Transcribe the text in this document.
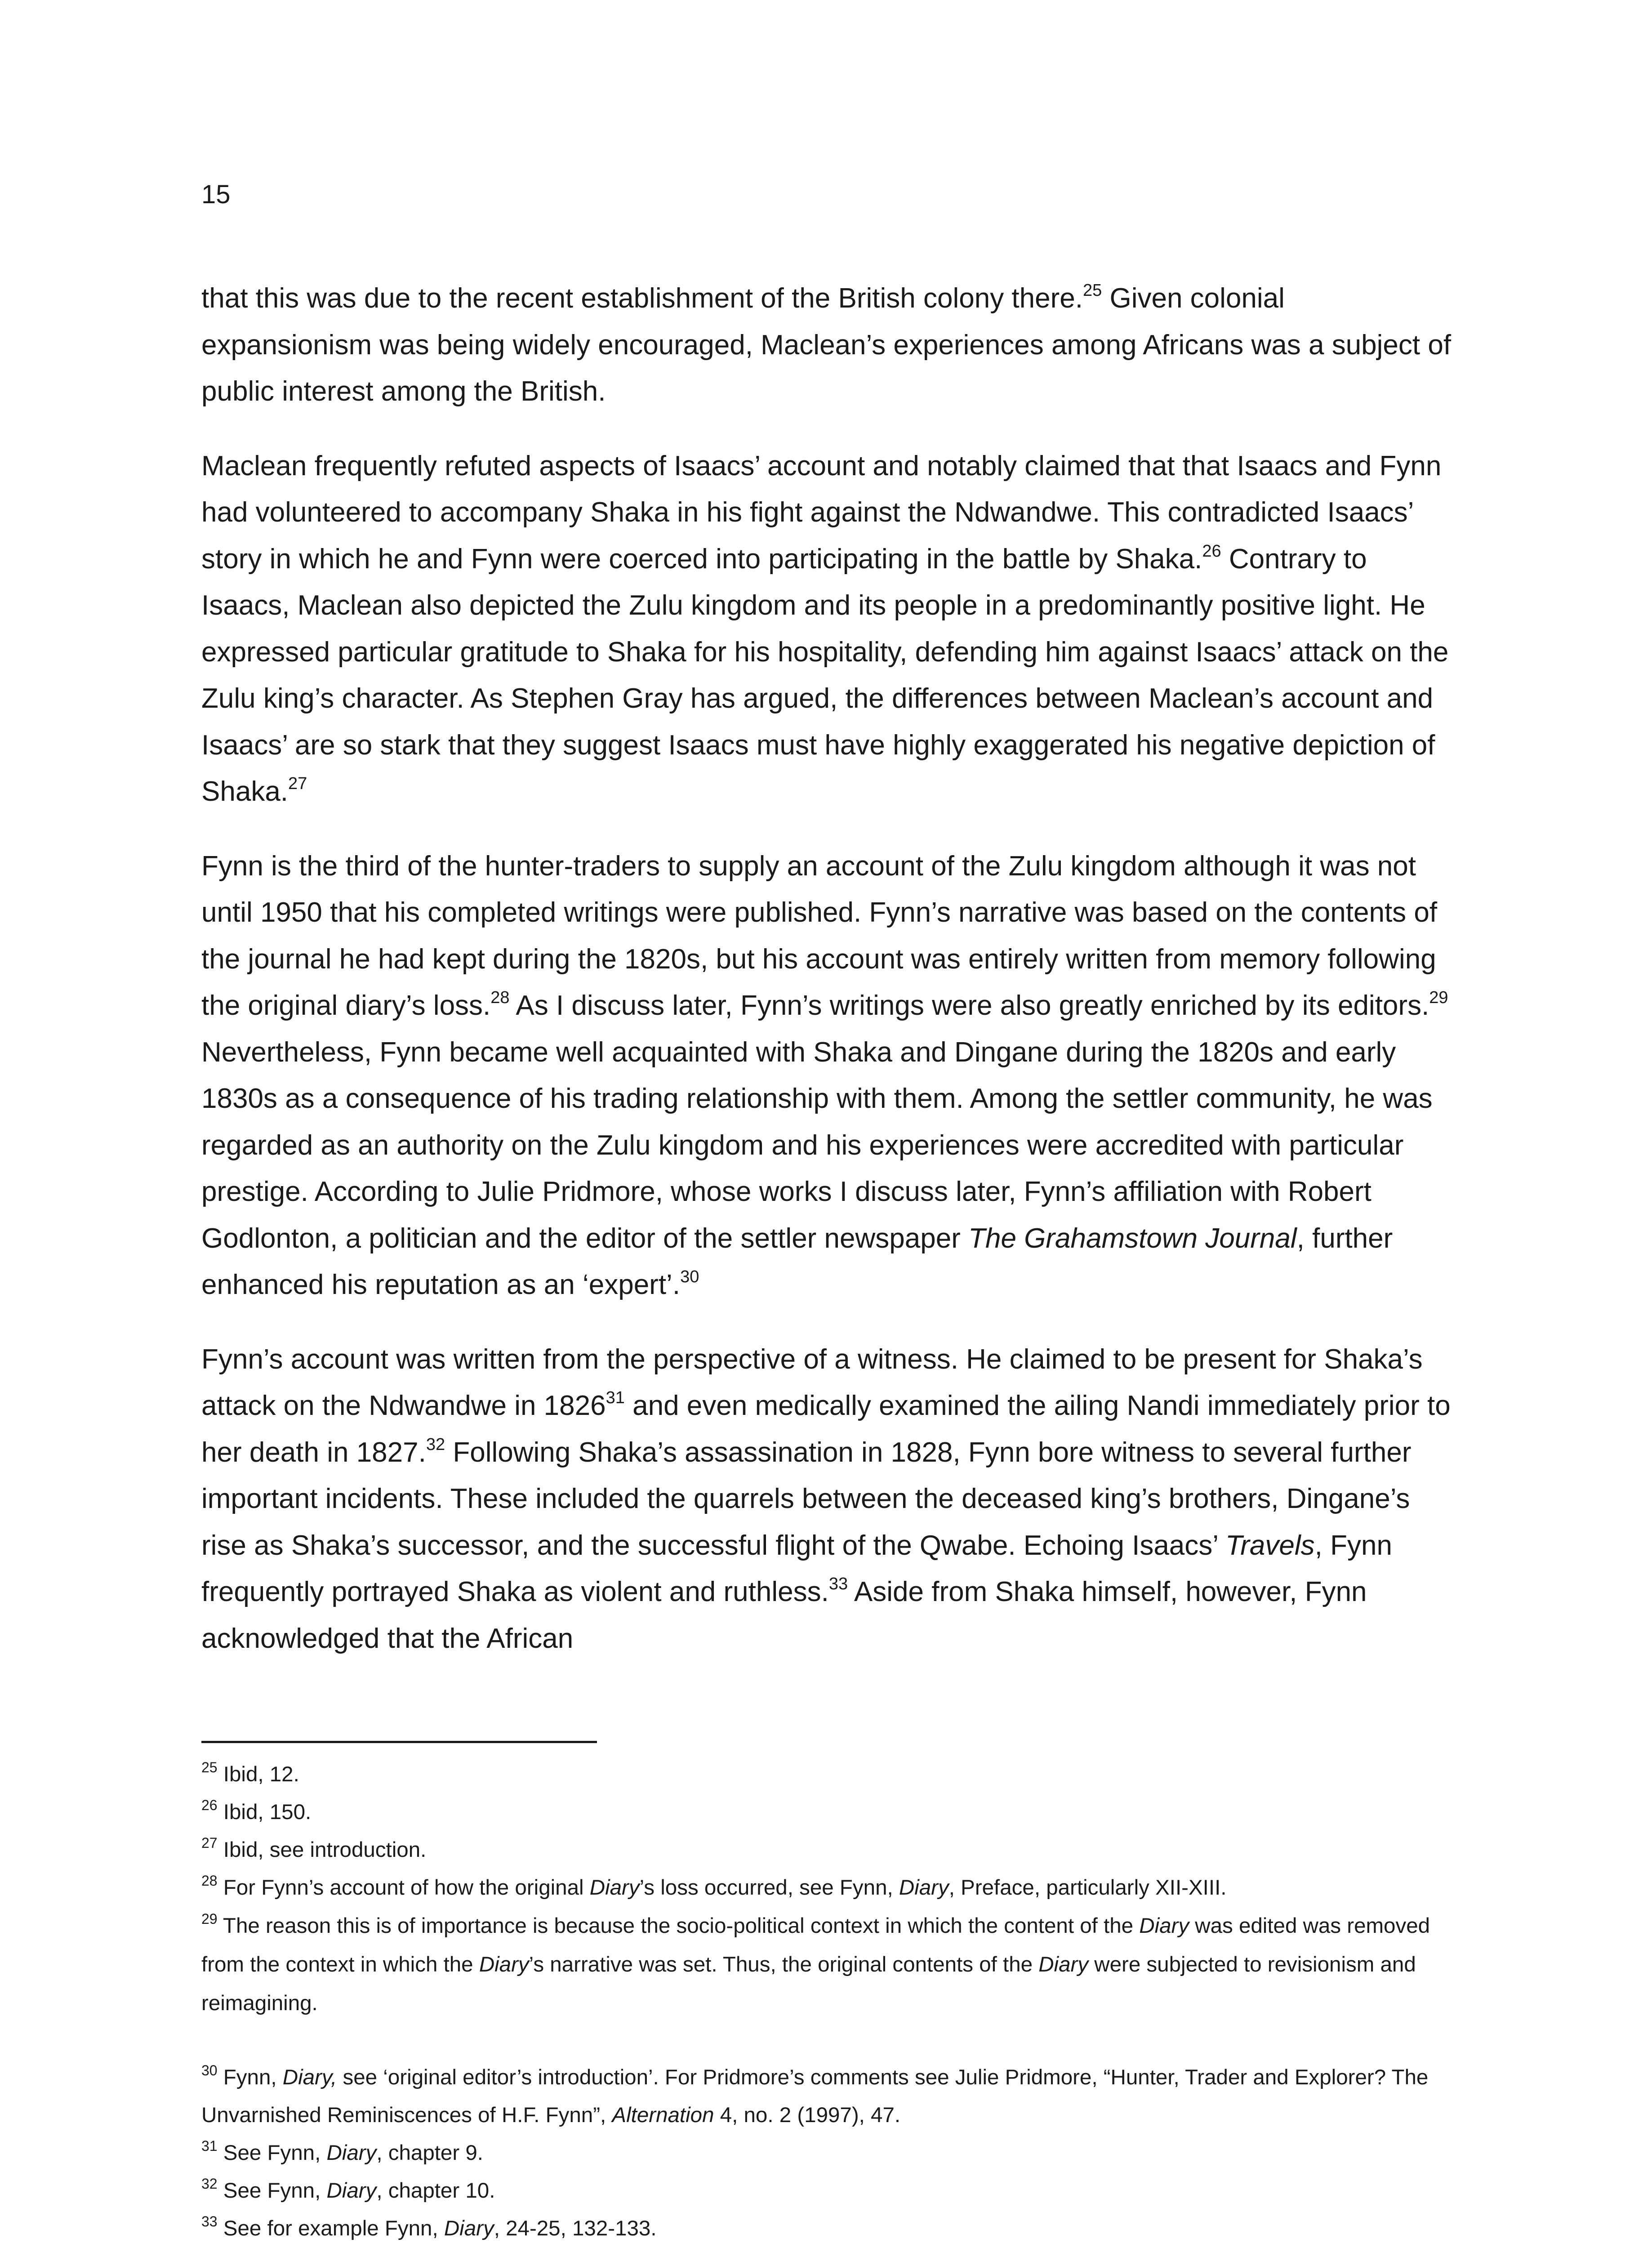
15

that this was due to the recent establishment of the British colony there.$^{25}$ Given colonial expansionism was being widely encouraged, Maclean’s experiences among Africans was a subject of public interest among the British.

Maclean frequently refuted aspects of Isaacs’ account and notably claimed that that Isaacs and Fynn had volunteered to accompany Shaka in his fight against the Ndwandwe. This contradicted Isaacs’ story in which he and Fynn were coerced into participating in the battle by Shaka.$^{26}$ Contrary to Isaacs, Maclean also depicted the Zulu kingdom and its people in a predominantly positive light. He expressed particular gratitude to Shaka for his hospitality, defending him against Isaacs’ attack on the Zulu king’s character. As Stephen Gray has argued, the differences between Maclean’s account and Isaacs’ are so stark that they suggest Isaacs must have highly exaggerated his negative depiction of Shaka.$^{27}$

Fynn is the third of the hunter-traders to supply an account of the Zulu kingdom although it was not until 1950 that his completed writings were published. Fynn’s narrative was based on the contents of the journal he had kept during the 1820s, but his account was entirely written from memory following the original diary’s loss.$^{28}$ As I discuss later, Fynn’s writings were also greatly enriched by its editors.$^{29}$ Nevertheless, Fynn became well acquainted with Shaka and Dingane during the 1820s and early 1830s as a consequence of his trading relationship with them. Among the settler community, he was regarded as an authority on the Zulu kingdom and his experiences were accredited with particular prestige. According to Julie Pridmore, whose works I discuss later, Fynn’s affiliation with Robert Godlonton, a politician and the editor of the settler newspaper The Grahamstown Journal, further enhanced his reputation as an ‘expert’.$^{30}$

Fynn’s account was written from the perspective of a witness. He claimed to be present for Shaka’s attack on the Ndwandwe in 1826$^{31}$ and even medically examined the ailing Nandi immediately prior to her death in 1827.32 Following Shaka’s assassination in 1828, Fynn bore witness to several further important incidents. These included the quarrels between the deceased king’s brothers, Dingane’s rise as Shaka’s successor, and the successful flight of the Qwabe. Echoing Isaacs’ Travels, Fynn frequently portrayed Shaka as violent and ruthless.$^{33}$ Aside from Shaka himself, however, Fynn acknowledged that the African

$^{25}$ Ibid, 12.
$^{26}$ Ibid, 150.
$^{27}$ Ibid, see introduction.
$^{28}$ For Fynn’s account of how the original Diary’s loss occurred, see Fynn, Diary, Preface, particularly XII-XIII.
$^{29}$ The reason this is of importance is because the socio-political context in which the content of the Diary was edited was removed from the context in which the Diary’s narrative was set. Thus, the original contents of the Diary were subjected to revisionism and reimagining.
$^{30}$ Fynn, Diary, see ‘original editor’s introduction’. For Pridmore’s comments see Julie Pridmore, “Hunter, Trader and Explorer? The Unvarnished Reminiscences of H.F. Fynn”, Alternation 4, no. 2 (1997), 47.
$^{31}$ See Fynn, Diary, chapter 9.
$^{32}$ See Fynn, Diary, chapter 10.
$^{33}$ See for example Fynn, Diary, 24-25, 132-133.
